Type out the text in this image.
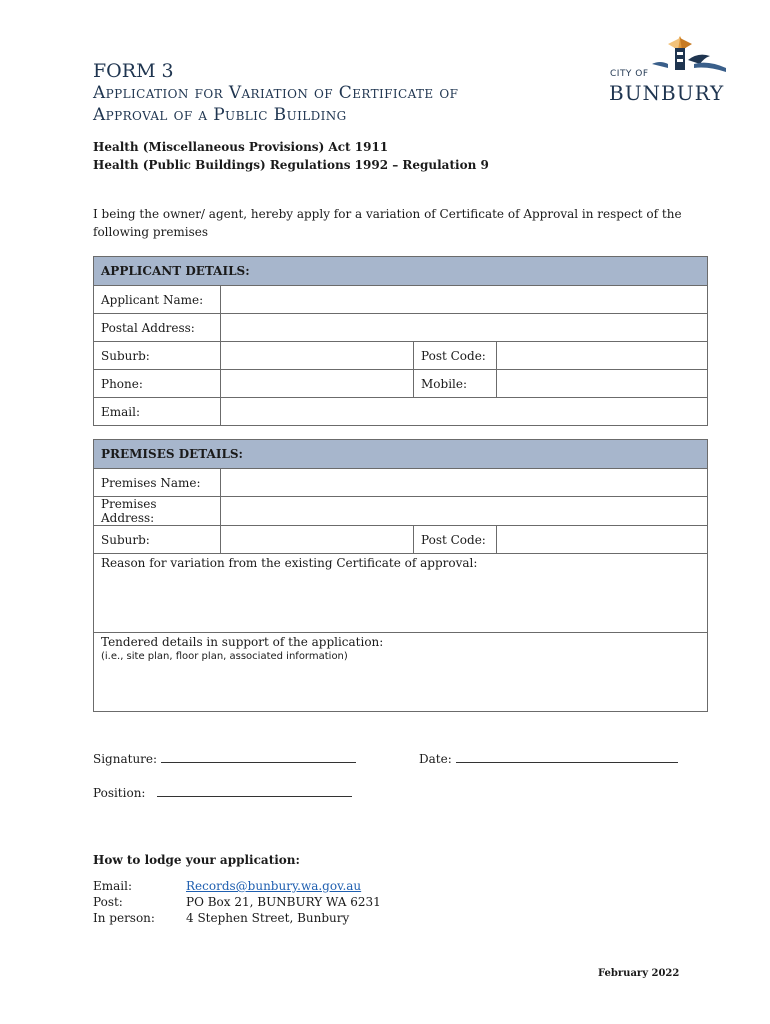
FORM 3
Application for Variation of Certificate of
Approval of a Public Building
Health (Miscellaneous Provisions) Act 1911
Health (Public Buildings) Regulations 1992 – Regulation 9
CITY OF
BUNBURY
I being the owner/ agent, hereby apply for a variation of Certificate of Approval in respect of the following premises
APPLICANT DETAILS:			
Applicant Name:			
Postal Address:			
Suburb:		Post Code:	
Phone:		Mobile:	
Email:			
PREMISES DETAILS:			
Premises Name:			
Premises Address:			
Suburb:		Post Code:	
Reason for variation from the existing Certificate of approval:			
Tendered details in support of the application:
(i.e., site plan, floor plan, associated information)			
Signature:	Date:
Position:
How to lodge your application:
Email:	Records@bunbury.wa.gov.au
Post:	PO Box 21, BUNBURY WA 6231
In person:	4 Stephen Street, Bunbury
February 2022
